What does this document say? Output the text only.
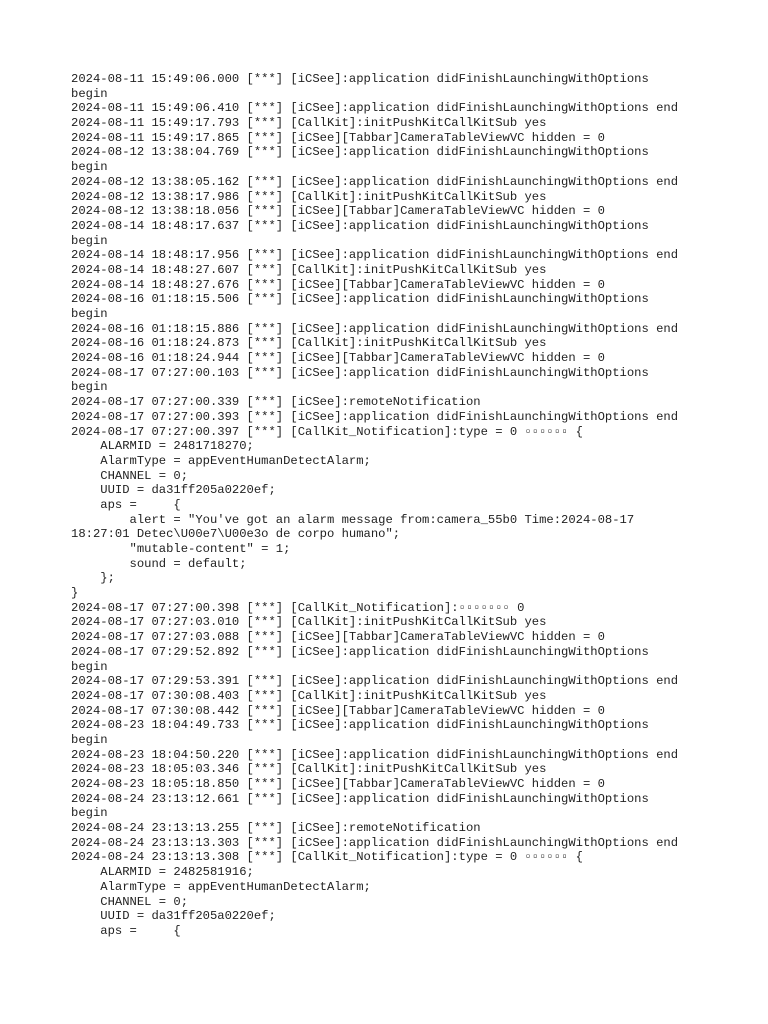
2024-08-11 15:49:06.000 [***] [iCSee]:application didFinishLaunchingWithOptions
begin
2024-08-11 15:49:06.410 [***] [iCSee]:application didFinishLaunchingWithOptions end
2024-08-11 15:49:17.793 [***] [CallKit]:initPushKitCallKitSub yes
2024-08-11 15:49:17.865 [***] [iCSee][Tabbar]CameraTableViewVC hidden = 0
2024-08-12 13:38:04.769 [***] [iCSee]:application didFinishLaunchingWithOptions
begin
2024-08-12 13:38:05.162 [***] [iCSee]:application didFinishLaunchingWithOptions end
2024-08-12 13:38:17.986 [***] [CallKit]:initPushKitCallKitSub yes
2024-08-12 13:38:18.056 [***] [iCSee][Tabbar]CameraTableViewVC hidden = 0
2024-08-14 18:48:17.637 [***] [iCSee]:application didFinishLaunchingWithOptions
begin
2024-08-14 18:48:17.956 [***] [iCSee]:application didFinishLaunchingWithOptions end
2024-08-14 18:48:27.607 [***] [CallKit]:initPushKitCallKitSub yes
2024-08-14 18:48:27.676 [***] [iCSee][Tabbar]CameraTableViewVC hidden = 0
2024-08-16 01:18:15.506 [***] [iCSee]:application didFinishLaunchingWithOptions
begin
2024-08-16 01:18:15.886 [***] [iCSee]:application didFinishLaunchingWithOptions end
2024-08-16 01:18:24.873 [***] [CallKit]:initPushKitCallKitSub yes
2024-08-16 01:18:24.944 [***] [iCSee][Tabbar]CameraTableViewVC hidden = 0
2024-08-17 07:27:00.103 [***] [iCSee]:application didFinishLaunchingWithOptions
begin
2024-08-17 07:27:00.339 [***] [iCSee]:remoteNotification
2024-08-17 07:27:00.393 [***] [iCSee]:application didFinishLaunchingWithOptions end
2024-08-17 07:27:00.397 [***] [CallKit_Notification]:type = 0 ▫▫▫▫▫▫ {
ALARMID = 2481718270;
AlarmType = appEventHumanDetectAlarm;
CHANNEL = 0;
UUID = da31ff205a0220ef;
aps =     {
alert = "You've got an alarm message from:camera_55b0 Time:2024-08-17
18:27:01 Detec\U00e7\U00e3o de corpo humano";
"mutable-content" = 1;
sound = default;
};
}
2024-08-17 07:27:00.398 [***] [CallKit_Notification]:▫▫▫▫▫▫▫ 0
2024-08-17 07:27:03.010 [***] [CallKit]:initPushKitCallKitSub yes
2024-08-17 07:27:03.088 [***] [iCSee][Tabbar]CameraTableViewVC hidden = 0
2024-08-17 07:29:52.892 [***] [iCSee]:application didFinishLaunchingWithOptions
begin
2024-08-17 07:29:53.391 [***] [iCSee]:application didFinishLaunchingWithOptions end
2024-08-17 07:30:08.403 [***] [CallKit]:initPushKitCallKitSub yes
2024-08-17 07:30:08.442 [***] [iCSee][Tabbar]CameraTableViewVC hidden = 0
2024-08-23 18:04:49.733 [***] [iCSee]:application didFinishLaunchingWithOptions
begin
2024-08-23 18:04:50.220 [***] [iCSee]:application didFinishLaunchingWithOptions end
2024-08-23 18:05:03.346 [***] [CallKit]:initPushKitCallKitSub yes
2024-08-23 18:05:18.850 [***] [iCSee][Tabbar]CameraTableViewVC hidden = 0
2024-08-24 23:13:12.661 [***] [iCSee]:application didFinishLaunchingWithOptions
begin
2024-08-24 23:13:13.255 [***] [iCSee]:remoteNotification
2024-08-24 23:13:13.303 [***] [iCSee]:application didFinishLaunchingWithOptions end
2024-08-24 23:13:13.308 [***] [CallKit_Notification]:type = 0 ▫▫▫▫▫▫ {
ALARMID = 2482581916;
AlarmType = appEventHumanDetectAlarm;
CHANNEL = 0;
UUID = da31ff205a0220ef;
aps =     {
